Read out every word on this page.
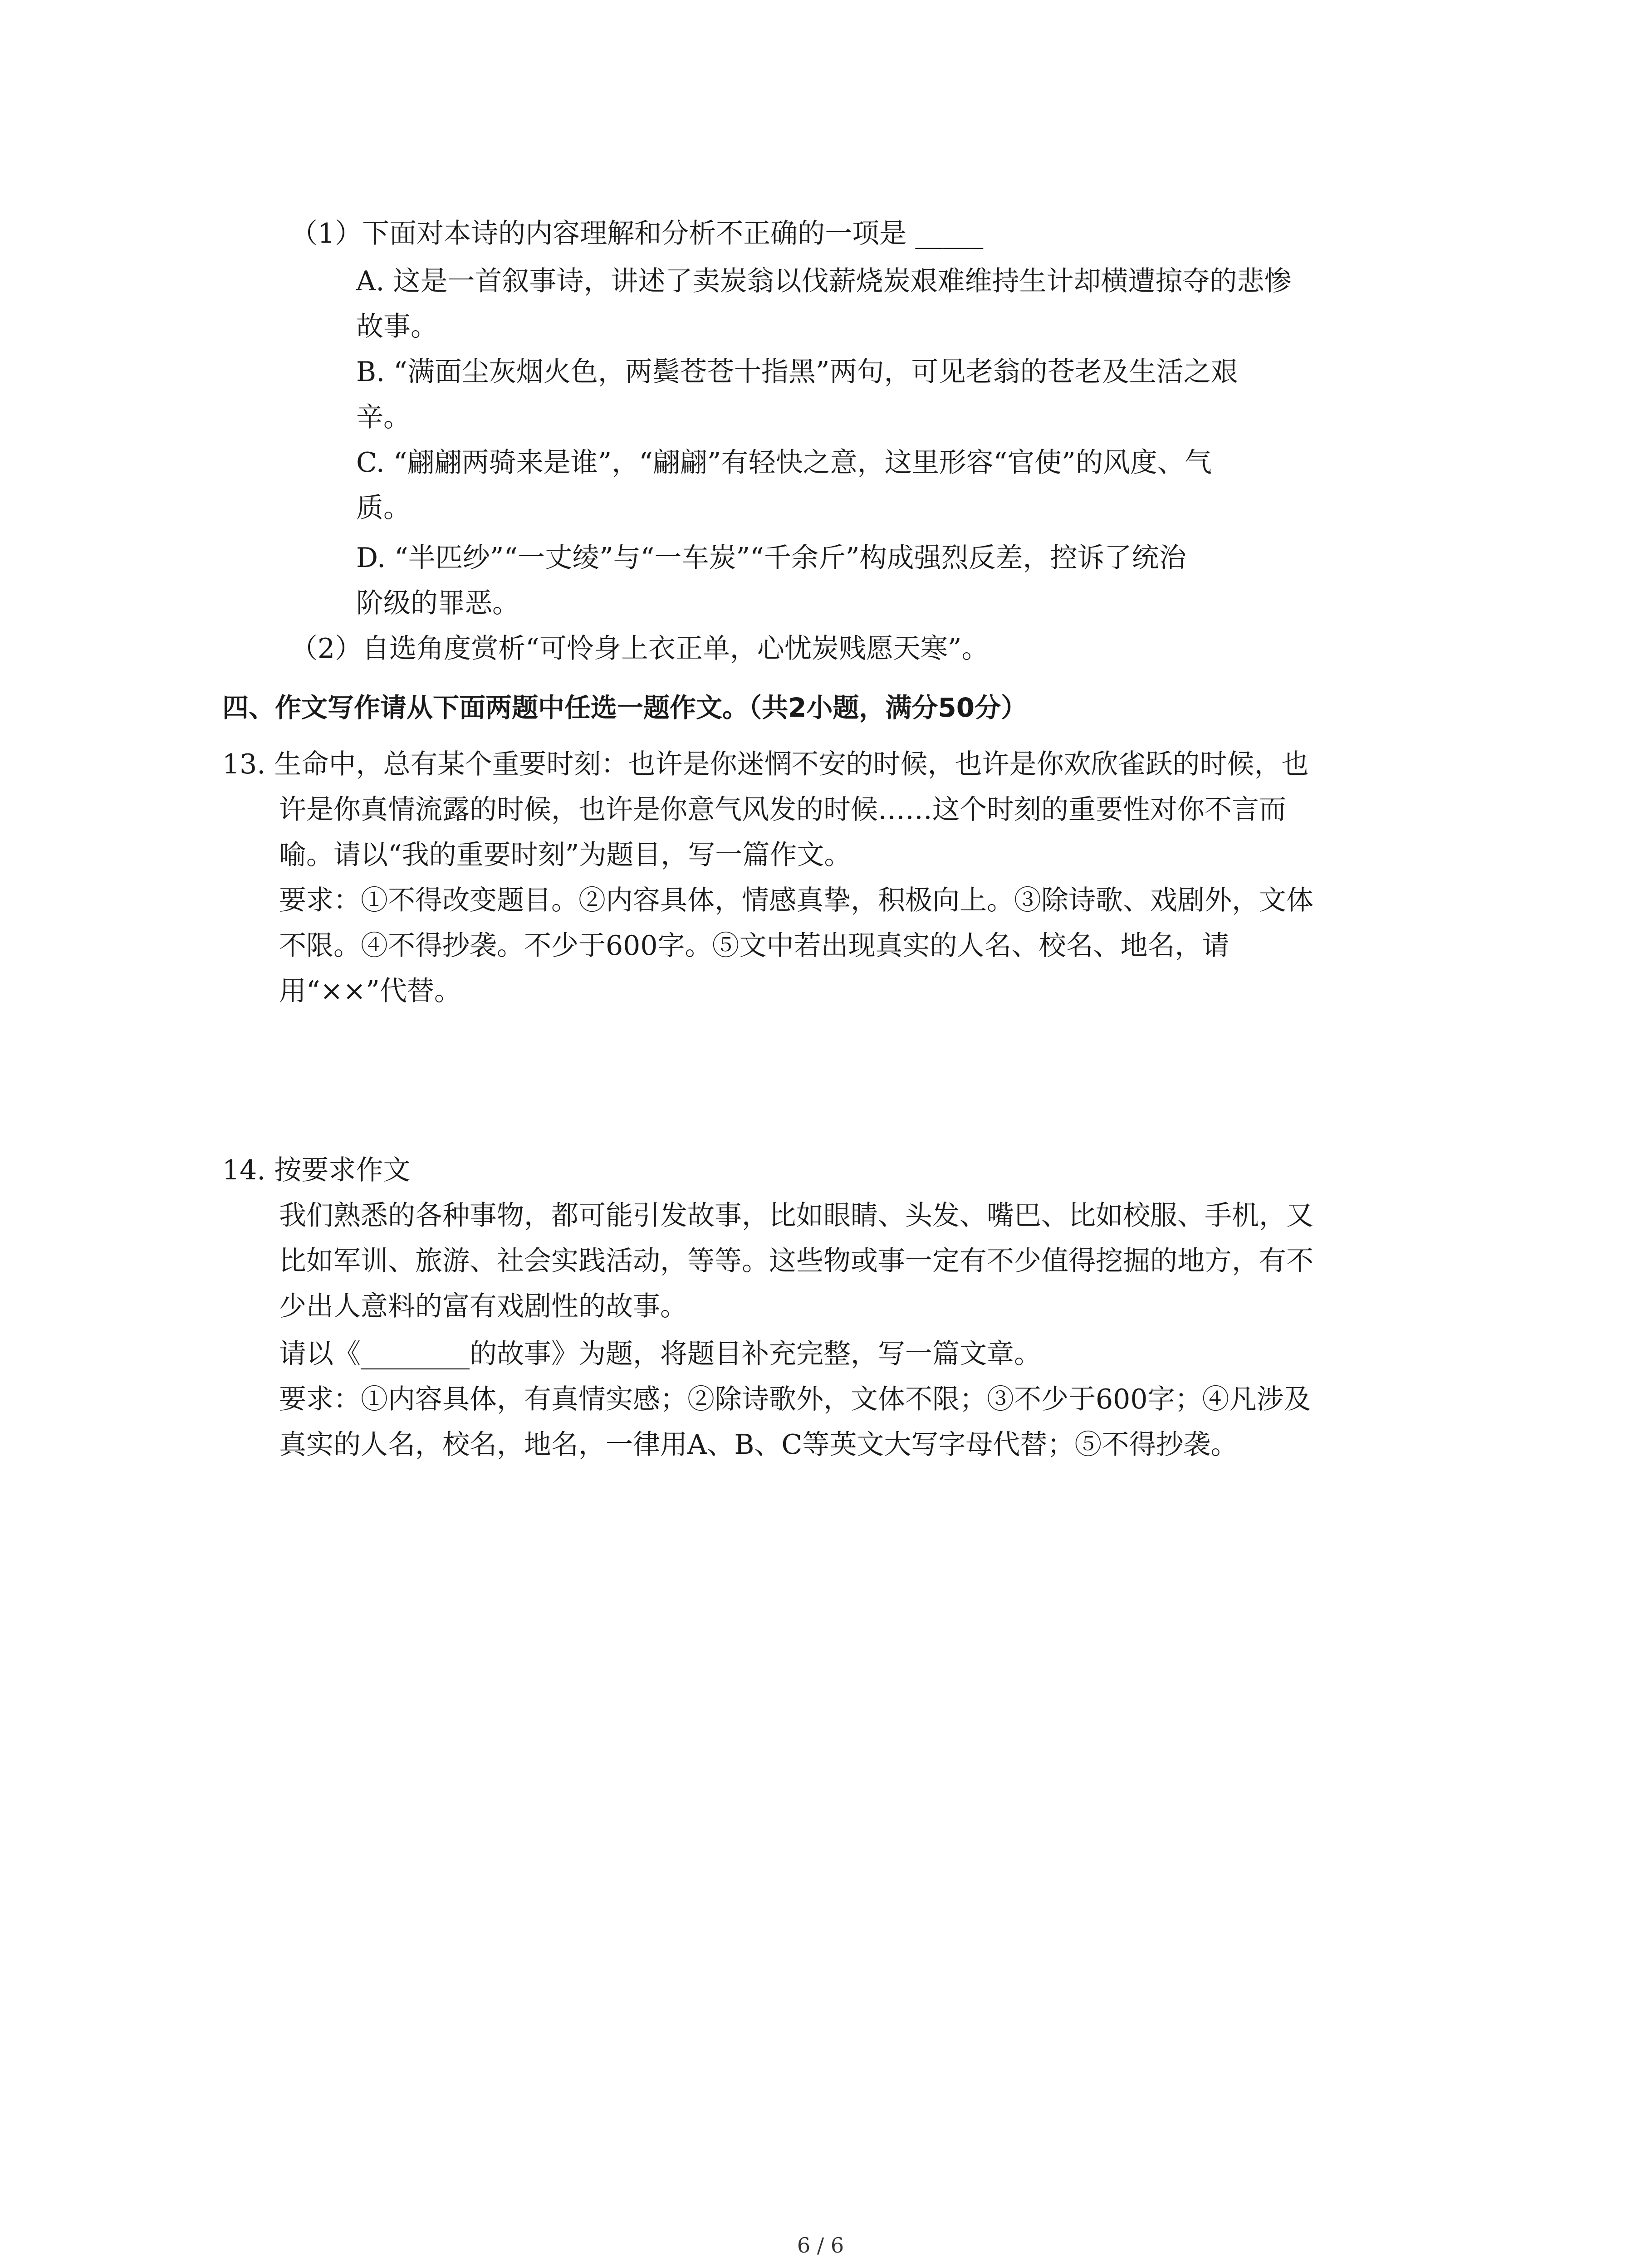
（1）下面对本诗的内容理解和分析不正确的一项是 _____
A. 这是一首叙事诗，讲述了卖炭翁以伐薪烧炭艰难维持生计却横遭掠夺的悲惨
故事。
B. “满面尘灰烟火色，两鬓苍苍十指黑”两句，可见老翁的苍老及生活之艰
辛。
C. “翩翩两骑来是谁”，“翩翩”有轻快之意，这里形容“官使”的风度、气
质。
D. “半匹纱”“一丈绫”与“一车炭”“千余斤”构成强烈反差，控诉了统治
阶级的罪恶。
（2）自选角度赏析“可怜身上衣正单，心忧炭贱愿天寒”。
四、作文写作请从下面两题中任选一题作文。（共2小题，满分50分）
13. 生命中，总有某个重要时刻：也许是你迷惘不安的时候，也许是你欢欣雀跃的时候，也
许是你真情流露的时候，也许是你意气风发的时候……这个时刻的重要性对你不言而
喻。请以“我的重要时刻”为题目，写一篇作文。
要求：①不得改变题目。②内容具体，情感真挚，积极向上。③除诗歌、戏剧外，文体
不限。④不得抄袭。不少于600字。⑤文中若出现真实的人名、校名、地名，请
用“××”代替。
14. 按要求作文
我们熟悉的各种事物，都可能引发故事，比如眼睛、头发、嘴巴、比如校服、手机，又
比如军训、旅游、社会实践活动，等等。这些物或事一定有不少值得挖掘的地方，有不
少出人意料的富有戏剧性的故事。
请以《________的故事》为题，将题目补充完整，写一篇文章。
要求：①内容具体，有真情实感；②除诗歌外，文体不限；③不少于600字；④凡涉及
真实的人名，校名，地名，一律用A、B、C等英文大写字母代替；⑤不得抄袭。
6 / 6
